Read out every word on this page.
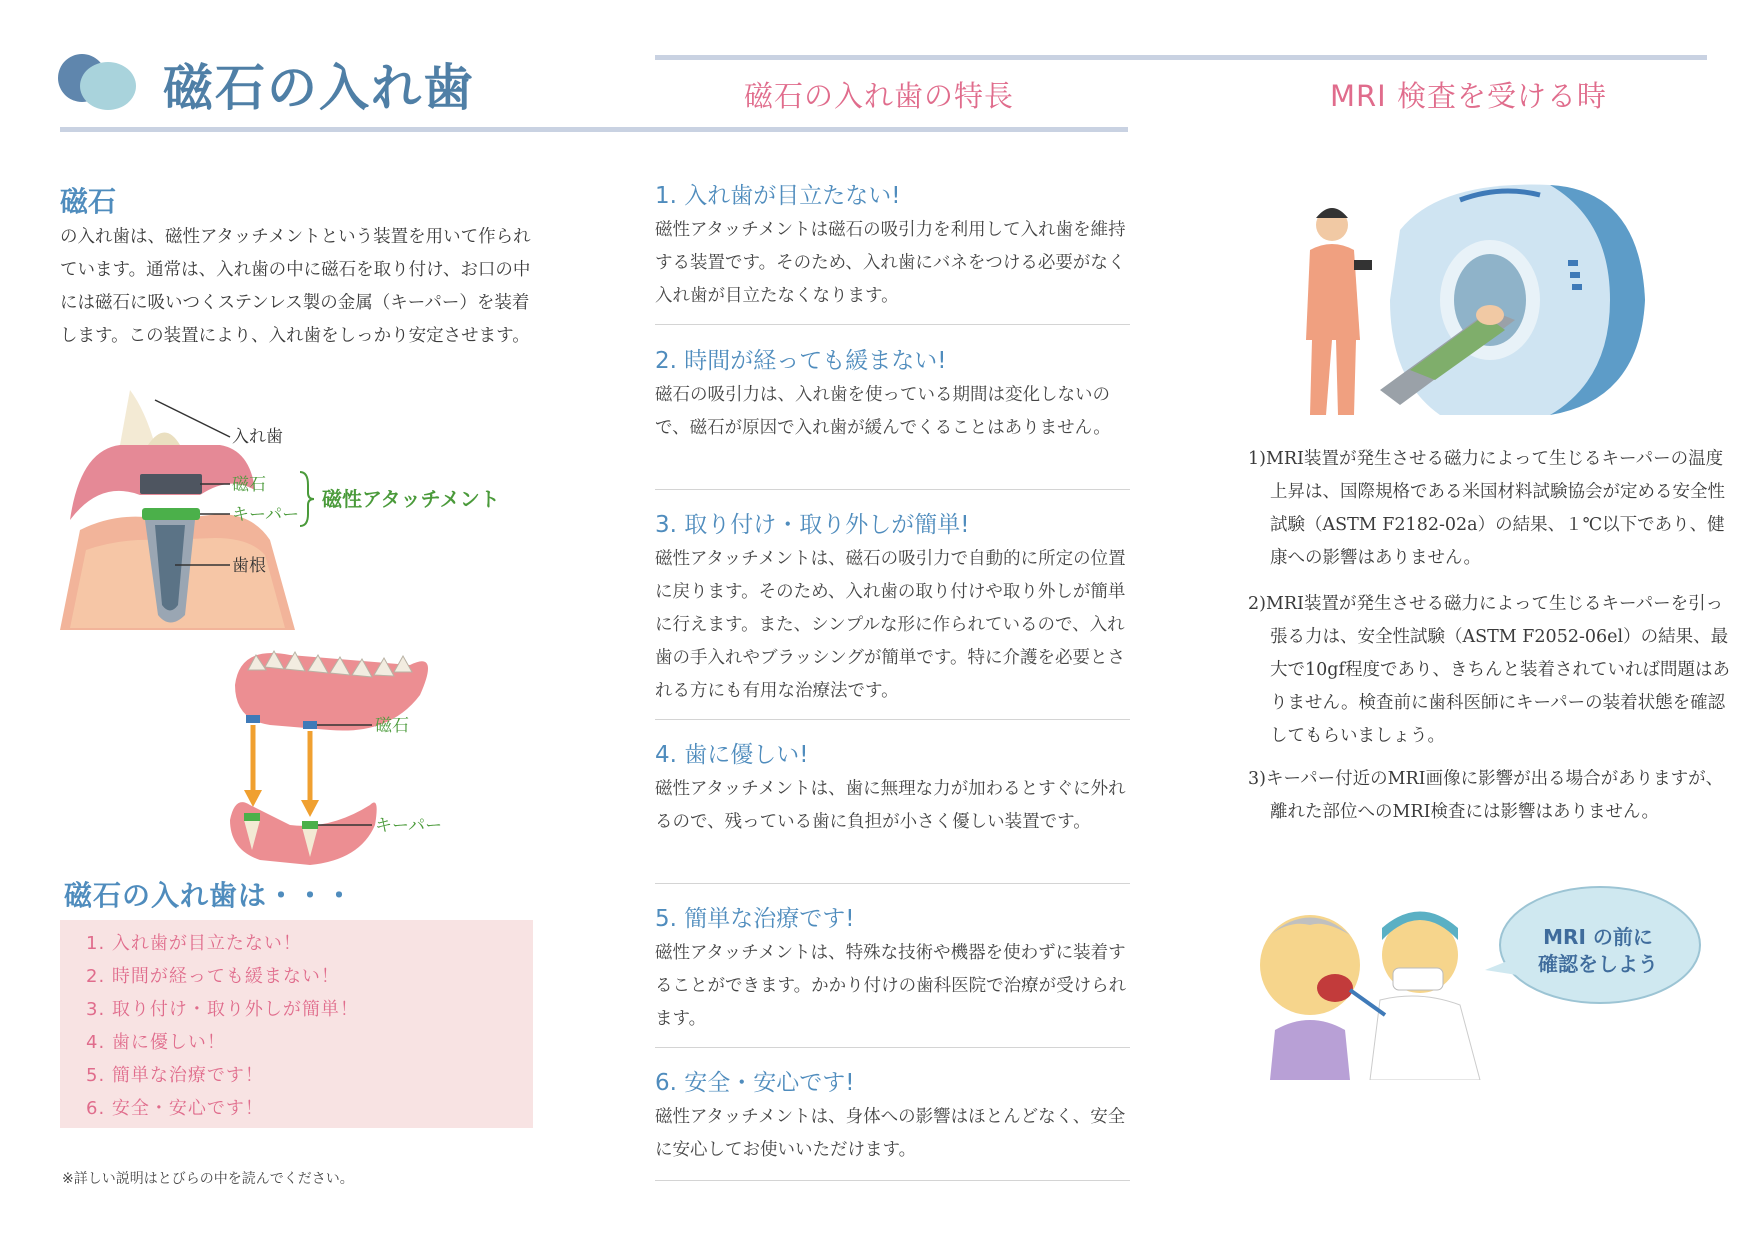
磁石の入れ歯
磁石
の入れ歯は、磁性アタッチメントという装置を用いて作られています。通常は、入れ歯の中に磁石を取り付け、お口の中には磁石に吸いつくステンレス製の金属（キーパー）を装着します。この装置により、入れ歯をしっかり安定させます。
入れ歯
磁石
キーパー
歯根
磁性アタッチメント
磁石
キーパー
磁石の入れ歯は・・・
1. 入れ歯が目立たない！
2. 時間が経っても緩まない！
3. 取り付け・取り外しが簡単！
4. 歯に優しい！
5. 簡単な治療です！
6. 安全・安心です！
※詳しい説明はとびらの中を読んでください。
磁石の入れ歯の特長

1. 入れ歯が目立たない!

磁性アタッチメントは磁石の吸引力を利用して入れ歯を維持する装置です。そのため、入れ歯にバネをつける必要がなく入れ歯が目立たなくなります。

2. 時間が経っても緩まない!

磁石の吸引力は、入れ歯を使っている期間は変化しないので、磁石が原因で入れ歯が緩んでくることはありません。

3. 取り付け・取り外しが簡単!

磁性アタッチメントは、磁石の吸引力で自動的に所定の位置に戻ります。そのため、入れ歯の取り付けや取り外しが簡単に行えます。また、シンプルな形に作られているので、入れ歯の手入れやブラッシングが簡単です。特に介護を必要とされる方にも有用な治療法です。

4. 歯に優しい!

磁性アタッチメントは、歯に無理な力が加わるとすぐに外れるので、残っている歯に負担が小さく優しい装置です。

5. 簡単な治療です!

磁性アタッチメントは、特殊な技術や機器を使わずに装着することができます。かかり付けの歯科医院で治療が受けられます。

6. 安全・安心です!

磁性アタッチメントは、身体への影響はほとんどなく、安全に安心してお使いいただけます。

MRI 検査を受ける時
1)MRI装置が発生させる磁力によって生じるキーパーの温度上昇は、国際規格である米国材料試験協会が定める安全性試験（ASTM F2182-02a）の結果、１℃以下であり、健康への影響はありません。
2)MRI装置が発生させる磁力によって生じるキーパーを引っ張る力は、安全性試験（ASTM F2052-06el）の結果、最大で10gf程度であり、きちんと装着されていれば問題はありません。検査前に歯科医師にキーパーの装着状態を確認してもらいましょう。
3)キーパー付近のMRI画像に影響が出る場合がありますが、離れた部位へのMRI検査には影響はありません。
MRI の前に
確認をしよう
